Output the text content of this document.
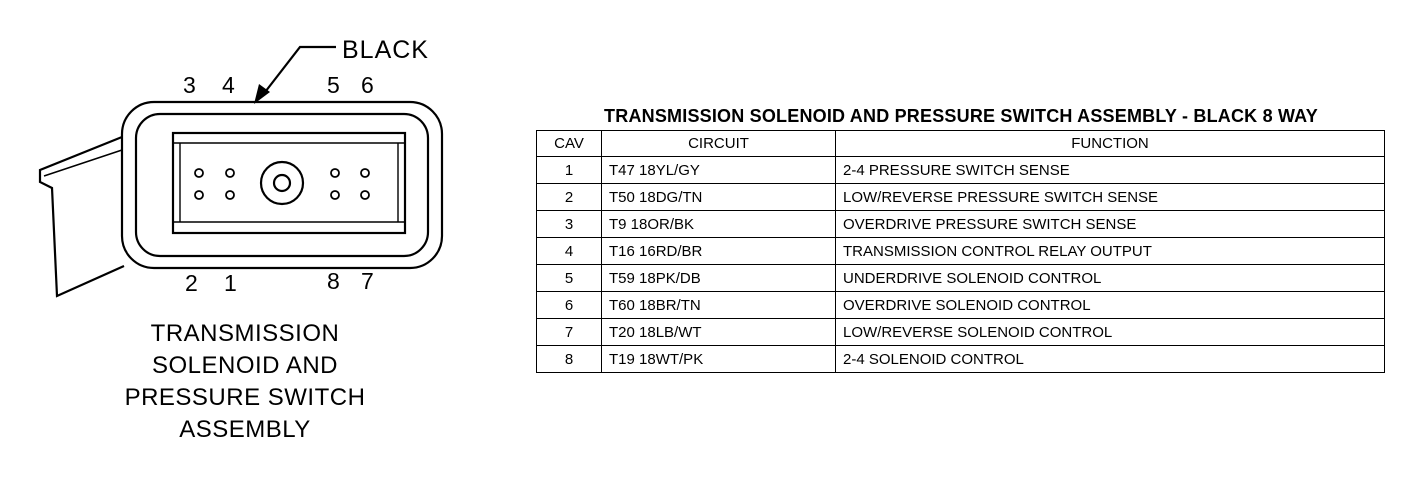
BLACK
3 4	5 6
2 1	8 7
TRANSMISSION
SOLENOID AND
PRESSURE SWITCH
ASSEMBLY
TRANSMISSION SOLENOID AND PRESSURE SWITCH ASSEMBLY - BLACK 8 WAY
CAV	CIRCUIT	FUNCTION
1	T47 18YL/GY	2-4 PRESSURE SWITCH SENSE
2	T50 18DG/TN	LOW/REVERSE PRESSURE SWITCH SENSE
3	T9 18OR/BK	OVERDRIVE PRESSURE SWITCH SENSE
4	T16 16RD/BR	TRANSMISSION CONTROL RELAY OUTPUT
5	T59 18PK/DB	UNDERDRIVE SOLENOID CONTROL
6	T60 18BR/TN	OVERDRIVE SOLENOID CONTROL
7	T20 18LB/WT	LOW/REVERSE SOLENOID CONTROL
8	T19 18WT/PK	2-4 SOLENOID CONTROL
